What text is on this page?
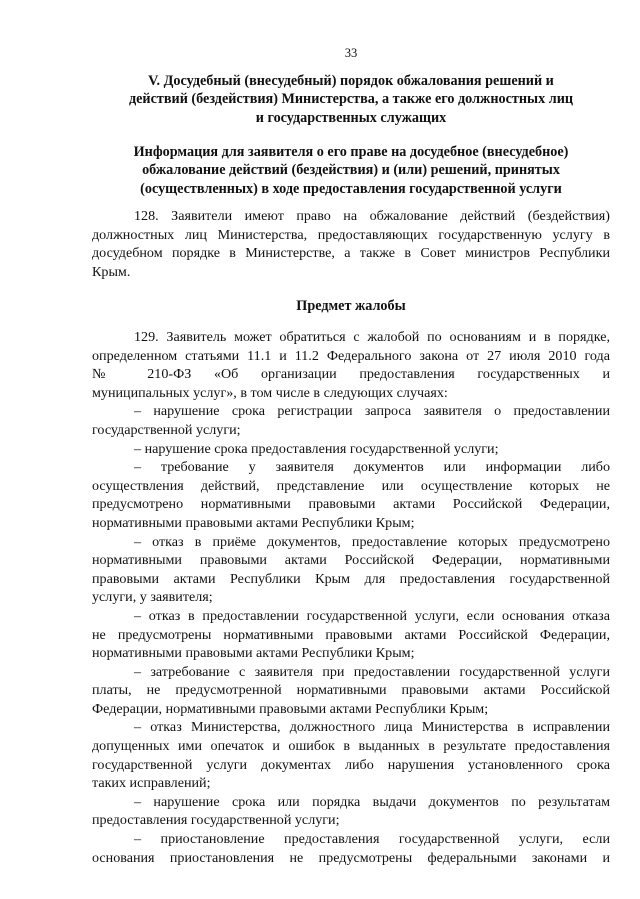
33
V. Досудебный (внесудебный) порядок обжалования решений и
действий (бездействия) Министерства, а также его должностных лиц
и государственных служащих
Информация для заявителя о его праве на досудебное (внесудебное)
обжалование действий (бездействия) и (или) решений, принятых
(осуществленных) в ходе предоставления государственной услуги
128. Заявители имеют право на обжалование действий (бездействия)
должностных лиц Министерства, предоставляющих государственную услугу в
досудебном порядке в Министерстве, а также в Совет министров Республики
Крым.
Предмет жалобы
129. Заявитель может обратиться с жалобой по основаниям и в порядке,
определенном статьями 11.1 и 11.2 Федерального закона от 27 июля 2010 года
№ 210-ФЗ «Об организации предоставления государственных и
муниципальных услуг», в том числе в следующих случаях:
– нарушение срока регистрации запроса заявителя о предоставлении
государственной услуги;
– нарушение срока предоставления государственной услуги;
– требование у заявителя документов или информации либо
осуществления действий, представление или осуществление которых не
предусмотрено нормативными правовыми актами Российской Федерации,
нормативными правовыми актами Республики Крым;
– отказ в приёме документов, предоставление которых предусмотрено
нормативными правовыми актами Российской Федерации, нормативными
правовыми актами Республики Крым для предоставления государственной
услуги, у заявителя;
– отказ в предоставлении государственной услуги, если основания отказа
не предусмотрены нормативными правовыми актами Российской Федерации,
нормативными правовыми актами Республики Крым;
– затребование с заявителя при предоставлении государственной услуги
платы, не предусмотренной нормативными правовыми актами Российской
Федерации, нормативными правовыми актами Республики Крым;
– отказ Министерства, должностного лица Министерства в исправлении
допущенных ими опечаток и ошибок в выданных в результате предоставления
государственной услуги документах либо нарушения установленного срока
таких исправлений;
– нарушение срока или порядка выдачи документов по результатам
предоставления государственной услуги;
– приостановление предоставления государственной услуги, если
основания приостановления не предусмотрены федеральными законами и
